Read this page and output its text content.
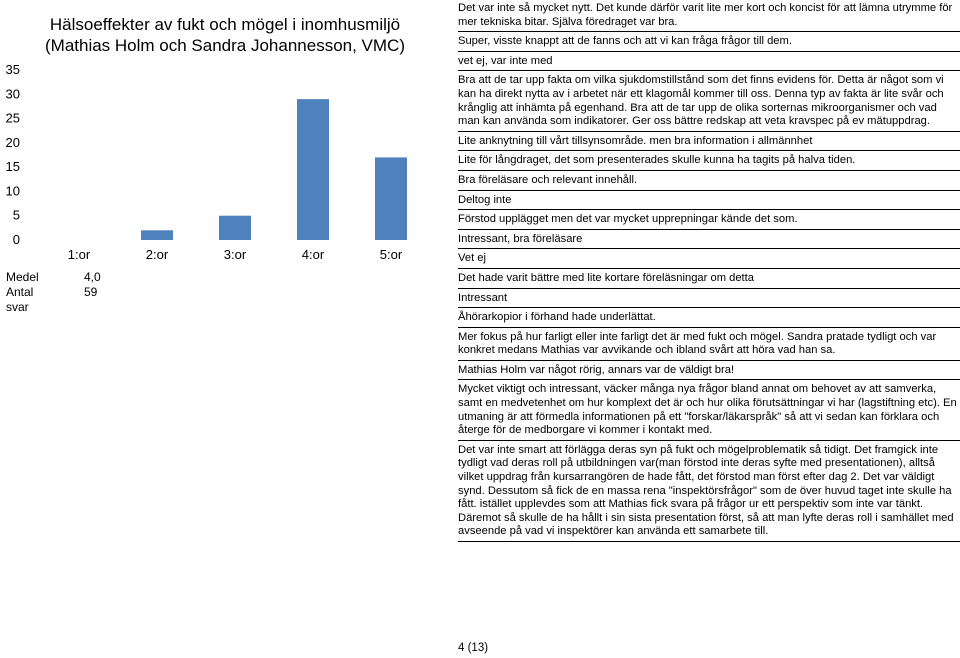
Hälsoeffekter av fukt och mögel i inomhusmiljö
(Mathias Holm och Sandra Johannesson, VMC)
0
5
10
15
20
25
30
35
1:or	2:or	3:or	4:or	5:or
Medel	4,0
Antal svar
59
Det var inte så mycket nytt. Det kunde därför varit lite mer kort och koncist för att lämna utrymme för mer tekniska bitar. Själva föredraget var bra.
Super, visste knappt att de fanns och att vi kan fråga frågor till dem.
vet ej, var inte med
Bra att de tar upp fakta om vilka sjukdomstillstånd som det finns evidens för. Detta är något som vi kan ha direkt nytta av i arbetet när ett klagomål kommer till oss. Denna typ av fakta är lite svår och krånglig att inhämta på egenhand. Bra att de tar upp de olika sorternas mikroorganismer och vad man kan använda som indikatorer. Ger oss bättre redskap att veta kravspec på ev mätuppdrag.
Lite anknytning till vårt tillsynsområde. men bra information i allmännhet
Lite för långdraget, det som presenterades skulle kunna ha tagits på halva tiden.
Bra föreläsare och relevant innehåll.
Deltog inte
Förstod upplägget men det var mycket upprepningar kände det som.
Intressant, bra föreläsare
Vet ej
Det hade varit bättre med lite kortare föreläsningar om detta
Intressant
Åhörarkopior i förhand hade underlättat.
Mer fokus på hur farligt eller inte farligt det är med fukt och mögel. Sandra pratade tydligt och var konkret medans Mathias var avvikande och ibland svårt att höra vad han sa.
Mathias Holm var något rörig, annars var de väldigt bra!
Mycket viktigt och intressant, väcker många nya frågor bland annat om behovet av att samverka, samt en medvetenhet om hur komplext det är och hur olika förutsättningar vi har (lagstiftning etc). En utmaning är att förmedla informationen på ett "forskar/läkarspråk" så att vi sedan kan förklara och återge för de medborgare vi kommer i kontakt med.
Det var inte smart att förlägga deras syn på fukt och mögelproblematik så tidigt. Det framgick inte tydligt vad deras roll på utbildningen var(man förstod inte deras syfte med presentationen), alltså vilket uppdrag från kursarrangören de hade fått, det förstod man först efter dag 2. Det var väldigt synd. Dessutom så fick de en massa rena "inspektörsfrågor" som de över huvud taget inte skulle ha fått. istället upplevdes som att Mathias fick svara på frågor ur ett perspektiv som inte var tänkt. Däremot så skulle de ha hållt i sin sista presentation först, så att man lyfte deras roll i samhället med avseende på vad vi inspektörer kan använda ett samarbete till.
4 (13)
